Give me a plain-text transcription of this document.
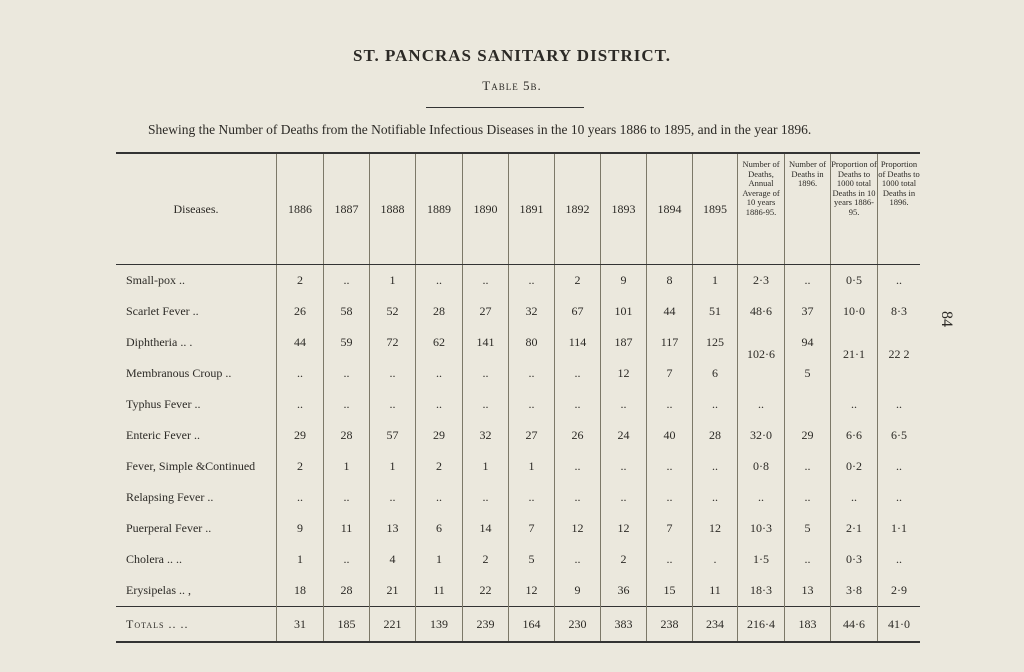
ST. PANCRAS SANITARY DISTRICT.
Table 5b.
Shewing the Number of Deaths from the Notifiable Infectious Diseases in the 10 years 1886 to 1895, and in the year 1896.
84
Diseases.	1886	1887	1888	1889	1890	1891	1892	1893	1894	1895	Number of Deaths, Annual Average of 10 years 1886-95.	Number of Deaths in 1896.	Proportion of Deaths to 1000 total Deaths in 10 years 1886-95.	Proportion of Deaths to 1000 total Deaths in 1896.
Small-pox ..	2	..	1	..	..	..	2	9	8	1	2·3	..	0·5	..
Scarlet Fever ..	26	58	52	28	27	32	67	101	44	51	48·6	37	10·0	8·3
Diphtheria .. .	44	59	72	62	141	80	114	187	117	125	102·6	94	21·1	22 2

Membranous Croup ..	..	..	..	..	..	..	..	12	7	6		5		
Typhus Fever ..	..	..	..	..	..	..	..	..	..	..	..		..	..
Enteric Fever ..	29	28	57	29	32	27	26	24	40	28	32·0	29	6·6	6·5
Fever, Simple &Continued	2	1	1	2	1	1	..	..	..	..	0·8	..	0·2	..
Relapsing Fever ..	..	..	..	..	..	..	..	..	..	..	..	..	..	..
Puerperal Fever ..	9	11	13	6	14	7	12	12	7	12	10·3	5	2·1	1·1
Cholera .. ..	1	..	4	1	2	5	..	2	..	.	1·5	..	0·3	..
Erysipelas .. ,	18	28	21	11	22	12	9	36	15	11	18·3	13	3·8	2·9
Totals .. ..	31	185	221	139	239	164	230	383	238	234	216·4	183	44·6	41·0
